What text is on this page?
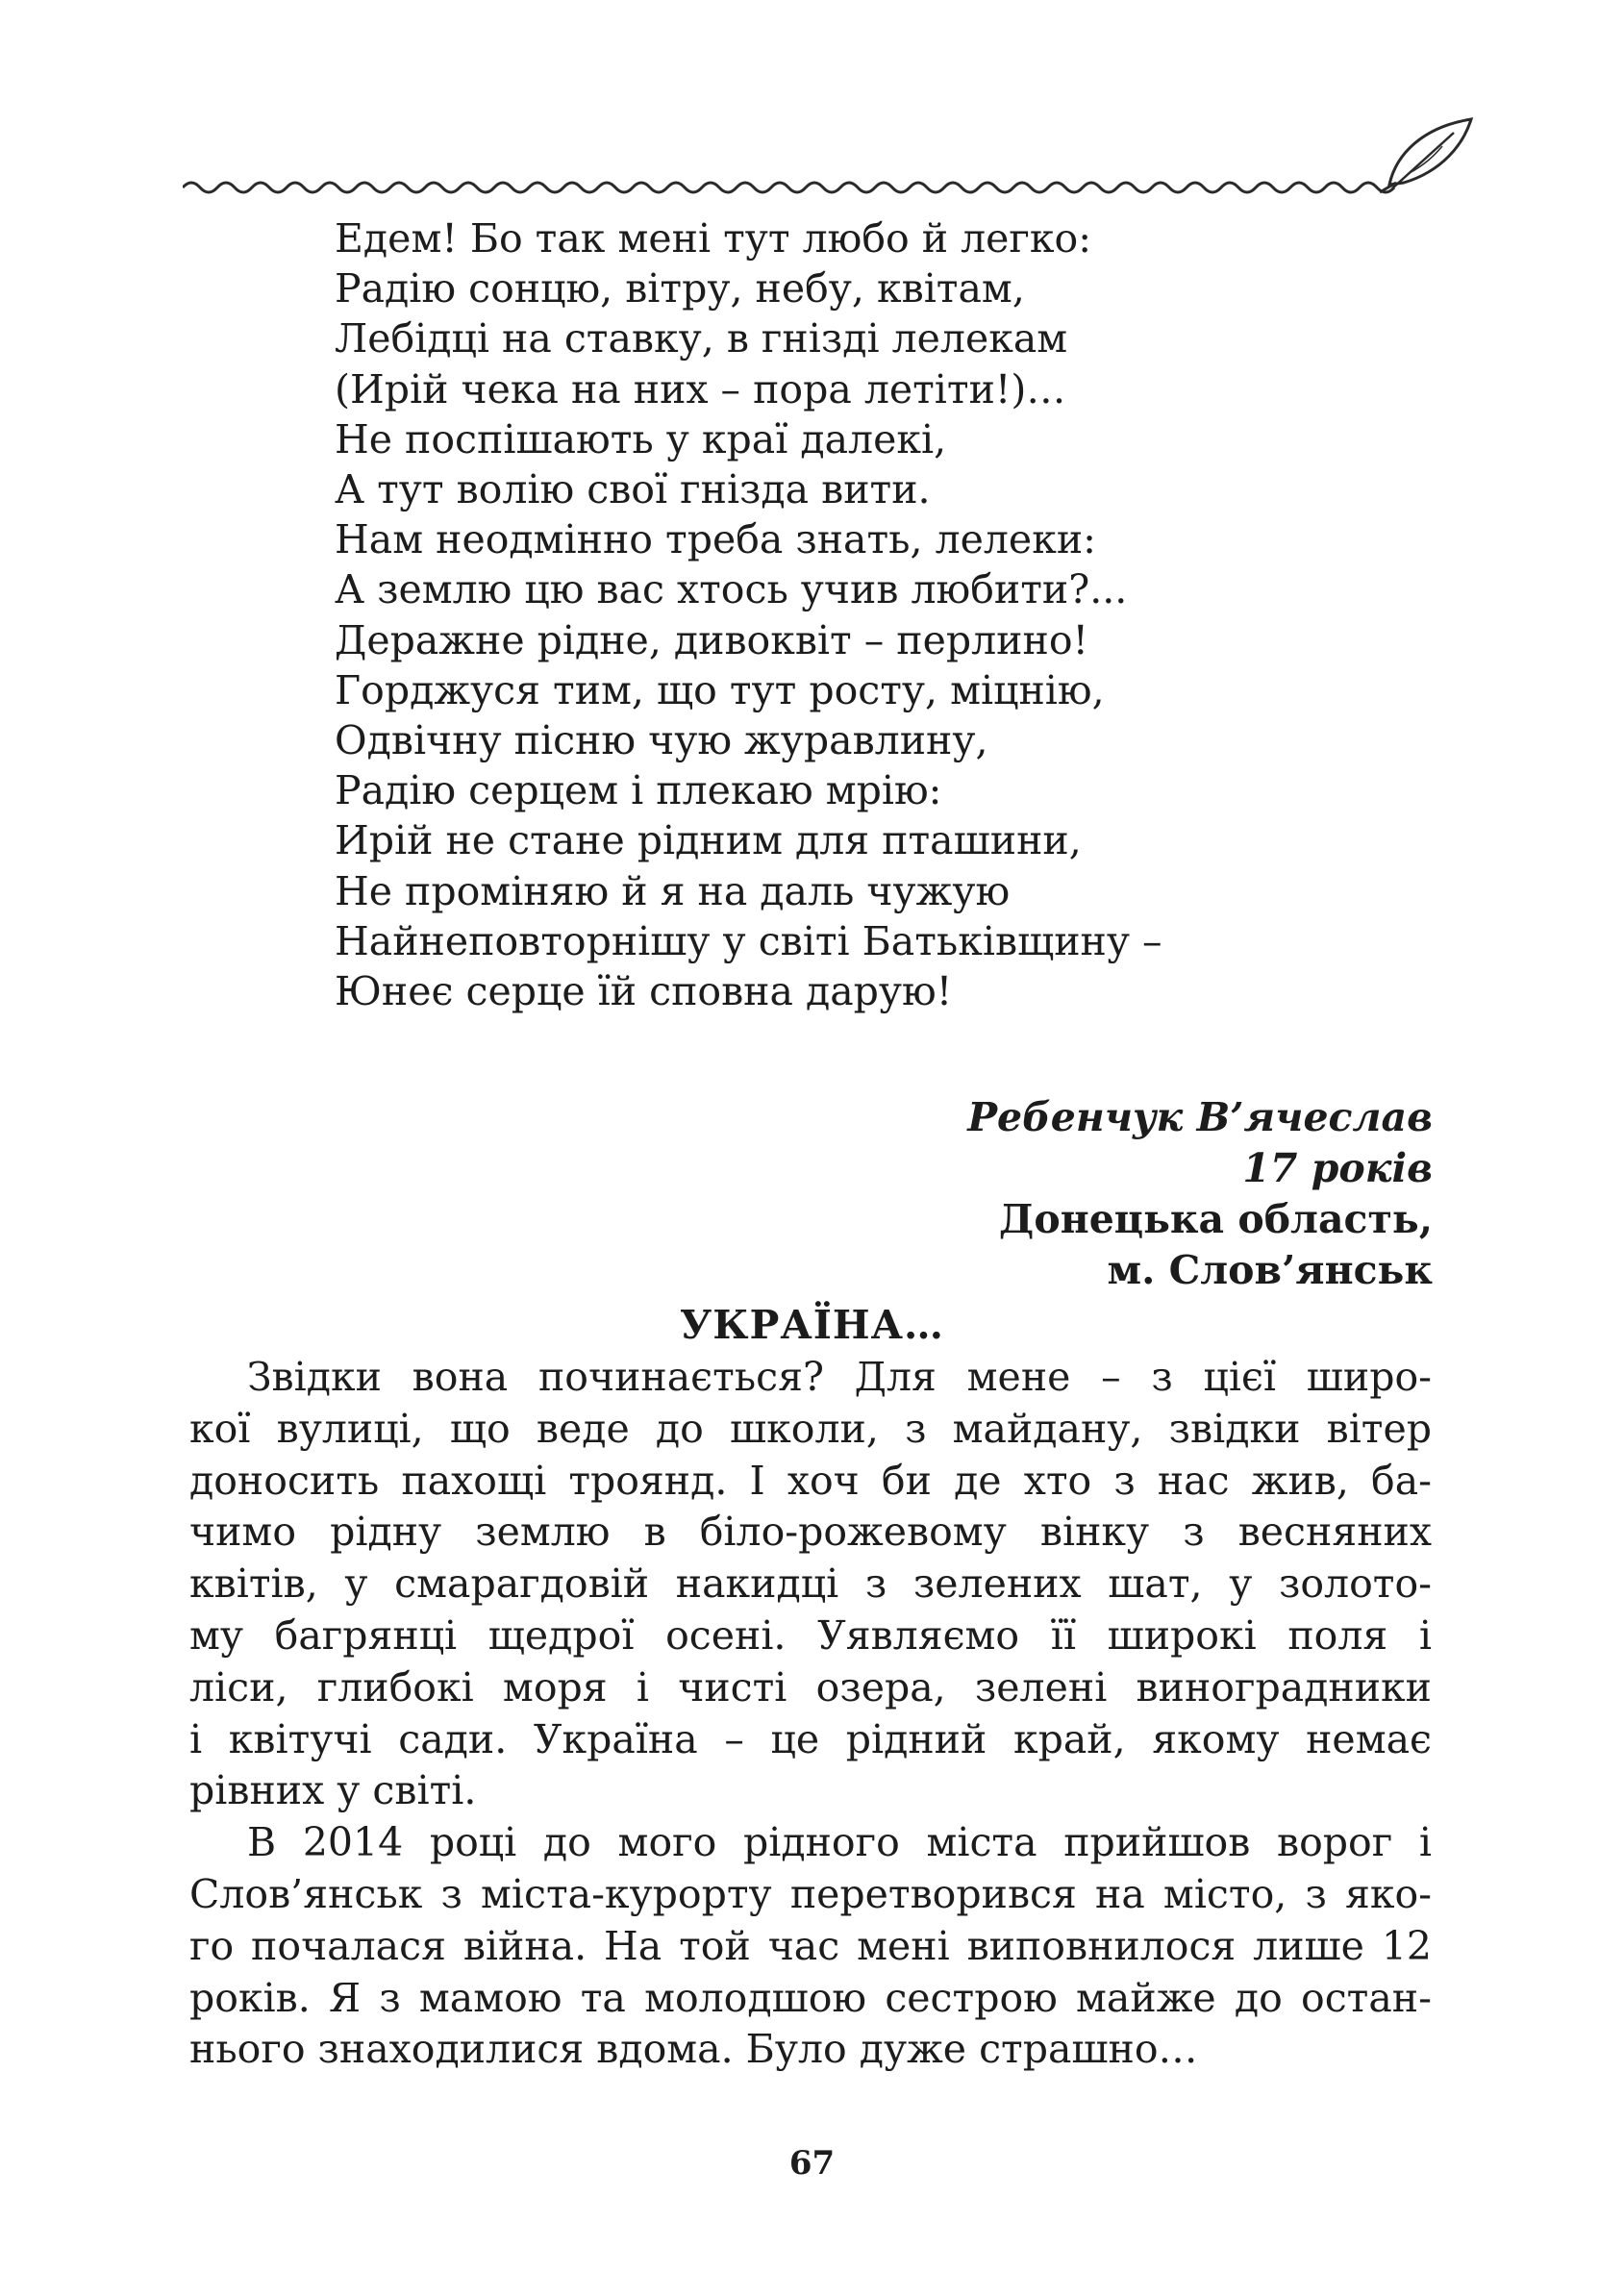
Едем! Бо так мені тут любо й легко:
Радію сонцю, вітру, небу, квітам,
Лебідці на ставку, в гнізді лелекам
(Ирій чека на них – пора летіти!)…
Не поспішають у краї далекі,
А тут волію свої гнізда вити.
Нам неодмінно треба знать, лелеки:
А землю цю вас хтось учив любити?...
Деражне рідне, дивоквіт – перлино!
Горджуся тим, що тут росту, міцнію,
Одвічну пісню чую журавлину,
Радію серцем і плекаю мрію:
Ирій не стане рідним для пташини,
Не проміняю й я на даль чужую
Найнеповторнішу у світі Батьківщину –
Юнеє серце їй сповна дарую!
Ребенчук В’ячеслав
17 років
Донецька область,
м. Слов’янськ
УКРАЇНА…

Звідки вона починається? Для мене – з цієї широ-
кої вулиці, що веде до школи, з майдану, звідки вітер
доносить пахощі троянд. І хоч би де хто з нас жив, ба-
чимо рідну землю в біло-рожевому вінку з весняних
квітів, у смарагдовій накидці з зелених шат, у золото-
му багрянці щедрої осені. Уявляємо її широкі поля і
ліси, глибокі моря і чисті озера, зелені виноградники
і квітучі сади. Україна – це рідний край, якому немає
рівних у світі.

В 2014 році до мого рідного міста прийшов ворог і
Слов’янськ з міста-курорту перетворився на місто, з яко-
го почалася війна. На той час мені виповнилося лише 12
років. Я з мамою та молодшою сестрою майже до остан-
нього знаходилися вдома. Було дуже страшно…

67
